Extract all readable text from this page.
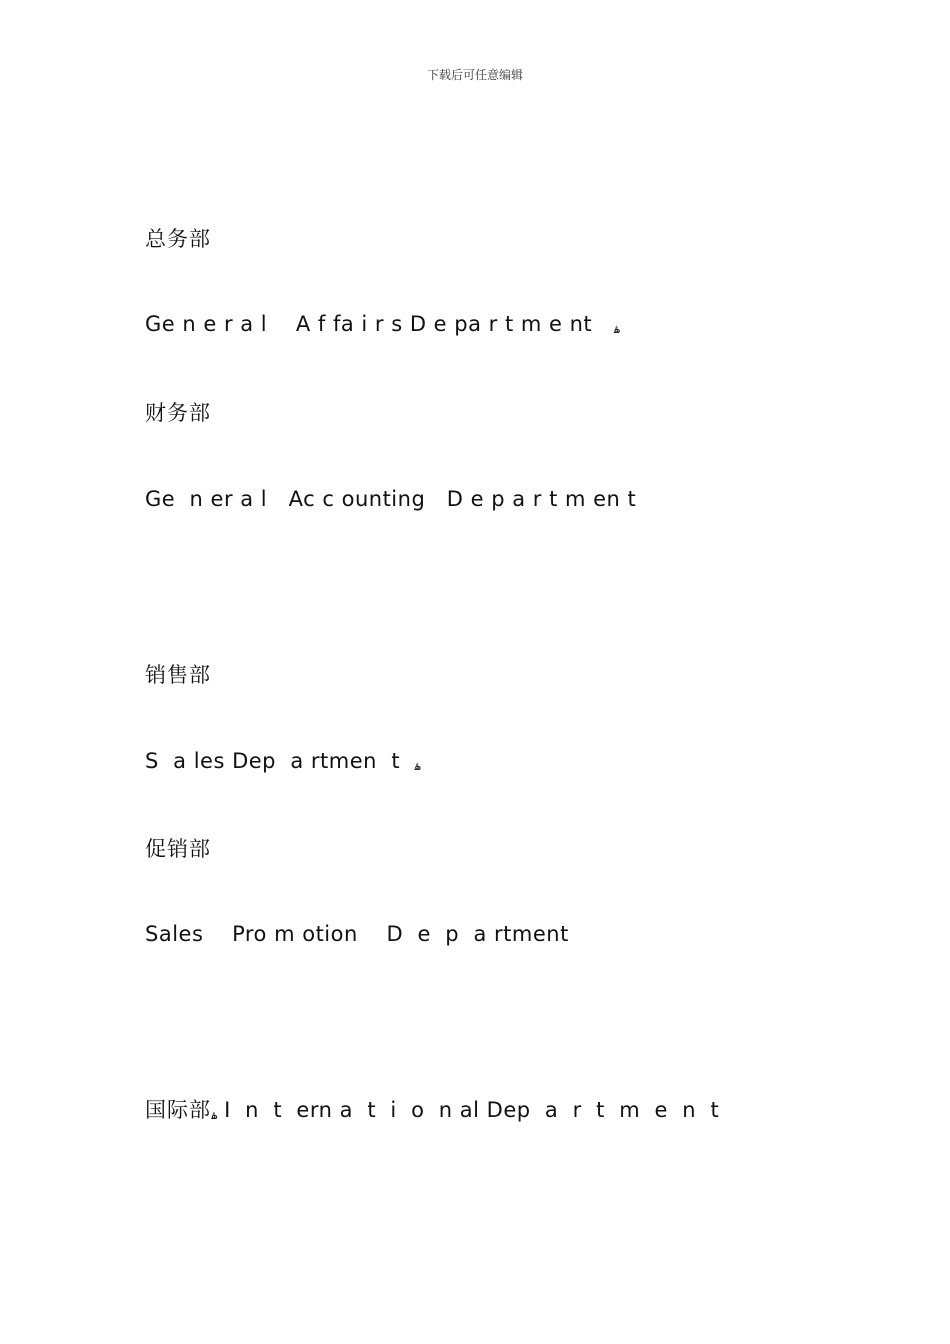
下载后可任意编辑
总务部
Ge n e r a l    A f fa i r s D e pa r t m e nt ۿ
财务部
Ge  n er a l   Ac c ounting   D e p a r t m en t
销售部
S  a les Dep  a rtmen  t ۿ
促销部
Sales    Pro m otion    D  e  p  a rtment
国际部ۿ I  n  t  ern a  t  i  o  n al Dep  a  r  t  m  e  n  t
